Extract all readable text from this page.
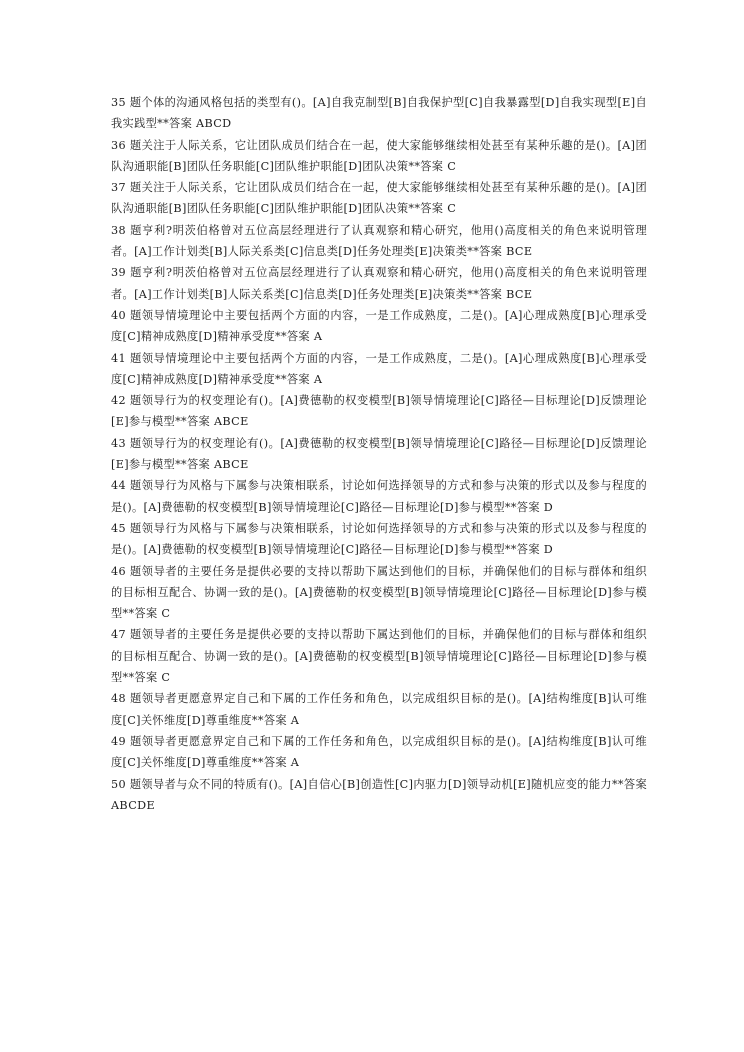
35 题个体的沟通风格包括的类型有()。[A]自我克制型[B]自我保护型[C]自我暴露型[D]自我实现型[E]自我实践型**答案 ABCD

36 题关注于人际关系，它让团队成员们结合在一起，使大家能够继续相处甚至有某种乐趣的是()。[A]团队沟通职能[B]团队任务职能[C]团队维护职能[D]团队决策**答案 C

37 题关注于人际关系，它让团队成员们结合在一起，使大家能够继续相处甚至有某种乐趣的是()。[A]团队沟通职能[B]团队任务职能[C]团队维护职能[D]团队决策**答案 C

38 题亨利?明茨伯格曾对五位高层经理进行了认真观察和精心研究，他用()高度相关的角色来说明管理者。[A]工作计划类[B]人际关系类[C]信息类[D]任务处理类[E]决策类**答案 BCE

39 题亨利?明茨伯格曾对五位高层经理进行了认真观察和精心研究，他用()高度相关的角色来说明管理者。[A]工作计划类[B]人际关系类[C]信息类[D]任务处理类[E]决策类**答案 BCE

40 题领导情境理论中主要包括两个方面的内容，一是工作成熟度，二是()。[A]心理成熟度[B]心理承受度[C]精神成熟度[D]精神承受度**答案 A

41 题领导情境理论中主要包括两个方面的内容，一是工作成熟度，二是()。[A]心理成熟度[B]心理承受度[C]精神成熟度[D]精神承受度**答案 A

42 题领导行为的权变理论有()。[A]费德勒的权变模型[B]领导情境理论[C]路径—目标理论[D]反馈理论[E]参与模型**答案 ABCE

43 题领导行为的权变理论有()。[A]费德勒的权变模型[B]领导情境理论[C]路径—目标理论[D]反馈理论[E]参与模型**答案 ABCE

44 题领导行为风格与下属参与决策相联系，讨论如何选择领导的方式和参与决策的形式以及参与程度的是()。[A]费德勒的权变模型[B]领导情境理论[C]路径—目标理论[D]参与模型**答案 D

45 题领导行为风格与下属参与决策相联系，讨论如何选择领导的方式和参与决策的形式以及参与程度的是()。[A]费德勒的权变模型[B]领导情境理论[C]路径—目标理论[D]参与模型**答案 D

46 题领导者的主要任务是提供必要的支持以帮助下属达到他们的目标，并确保他们的目标与群体和组织的目标相互配合、协调一致的是()。[A]费德勒的权变模型[B]领导情境理论[C]路径—目标理论[D]参与模型**答案 C

47 题领导者的主要任务是提供必要的支持以帮助下属达到他们的目标，并确保他们的目标与群体和组织的目标相互配合、协调一致的是()。[A]费德勒的权变模型[B]领导情境理论[C]路径—目标理论[D]参与模型**答案 C

48 题领导者更愿意界定自己和下属的工作任务和角色，以完成组织目标的是()。[A]结构维度[B]认可维度[C]关怀维度[D]尊重维度**答案 A

49 题领导者更愿意界定自己和下属的工作任务和角色，以完成组织目标的是()。[A]结构维度[B]认可维度[C]关怀维度[D]尊重维度**答案 A

50 题领导者与众不同的特质有()。[A]自信心[B]创造性[C]内驱力[D]领导动机[E]随机应变的能力**答案 ABCDE
